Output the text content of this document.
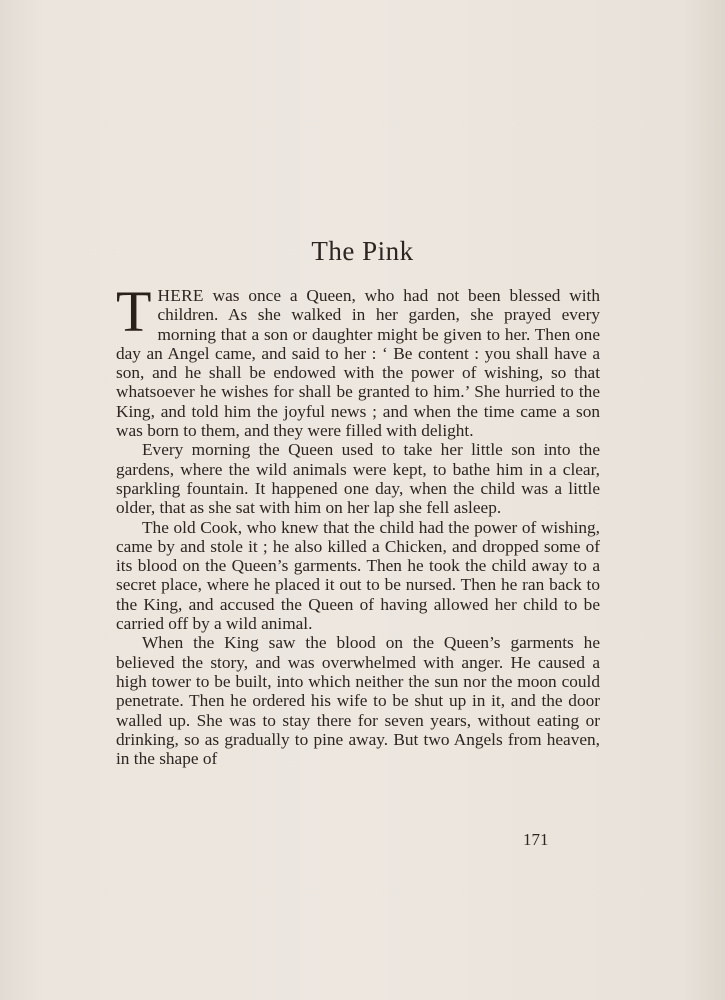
The Pink

THERE was once a Queen, who had not been blessed with children. As she walked in her garden, she prayed every morning that a son or daughter might be given to her. Then one day an Angel came, and said to her : ‘ Be content : you shall have a son, and he shall be endowed with the power of wishing, so that whatsoever he wishes for shall be granted to him.’ She hurried to the King, and told him the joyful news ; and when the time came a son was born to them, and they were filled with delight.

Every morning the Queen used to take her little son into the gardens, where the wild animals were kept, to bathe him in a clear, sparkling fountain. It happened one day, when the child was a little older, that as she sat with him on her lap she fell asleep.

The old Cook, who knew that the child had the power of wishing, came by and stole it ; he also killed a Chicken, and dropped some of its blood on the Queen’s garments. Then he took the child away to a secret place, where he placed it out to be nursed. Then he ran back to the King, and accused the Queen of having allowed her child to be carried off by a wild animal.

When the King saw the blood on the Queen’s garments he believed the story, and was overwhelmed with anger. He caused a high tower to be built, into which neither the sun nor the moon could penetrate. Then he ordered his wife to be shut up in it, and the door walled up. She was to stay there for seven years, without eating or drinking, so as gradually to pine away. But two Angels from heaven, in the shape of

171
